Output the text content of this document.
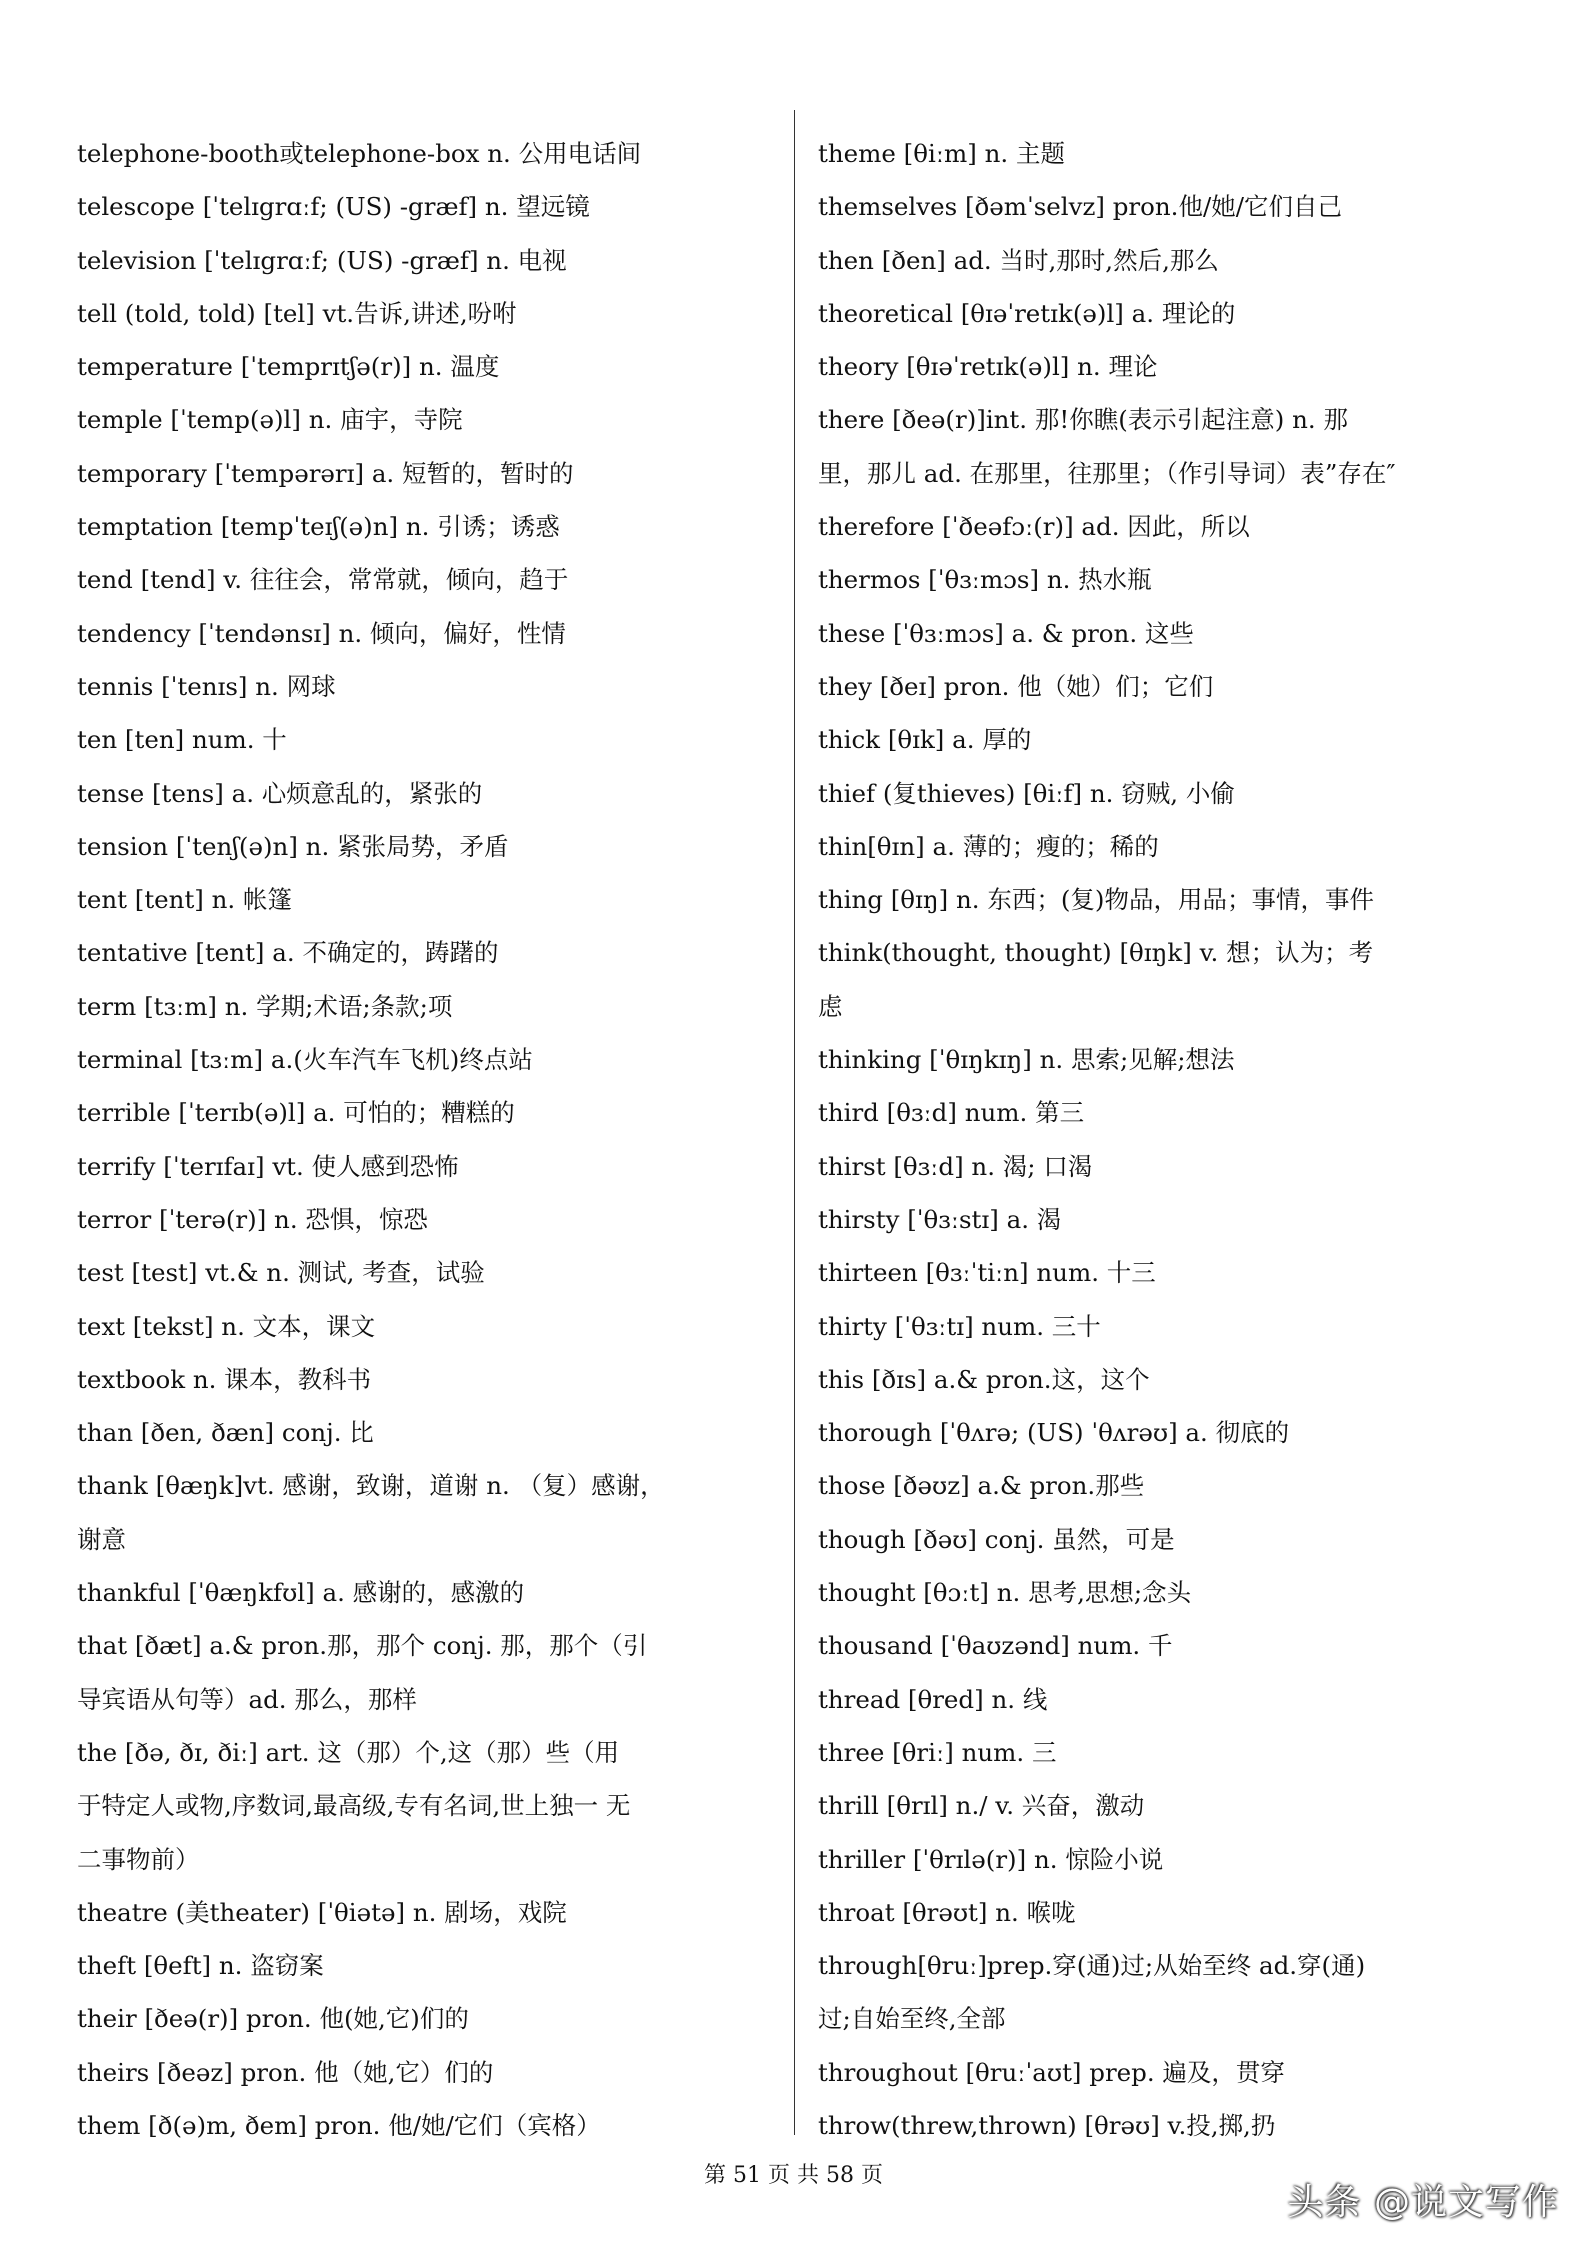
telephone-booth或telephone-box n. 公用电话间
telescope [ˈtelɪgrɑːf; (US) -græf] n. 望远镜
television [ˈtelɪgrɑːf; (US) -græf] n. 电视
tell (told, told) [tel] vt.告诉,讲述,吩咐
temperature [ˈtemprɪtʃə(r)] n. 温度
temple [ˈtemp(ə)l] n. 庙宇，寺院
temporary [ˈtempərərɪ] a. 短暂的，暂时的
temptation [tempˈteɪʃ(ə)n] n. 引诱；诱惑
tend [tend] v. 往往会，常常就，倾向，趋于
tendency [ˈtendənsɪ] n. 倾向，偏好，性情
tennis [ˈtenɪs] n. 网球
ten [ten] num. 十
tense [tens] a. 心烦意乱的，紧张的
tension [ˈtenʃ(ə)n] n. 紧张局势，矛盾
tent [tent] n. 帐篷
tentative [tent] a. 不确定的，踌躇的
term [tɜːm] n. 学期;术语;条款;项
terminal [tɜːm] a.(火车汽车飞机)终点站
terrible [ˈterɪb(ə)l] a. 可怕的；糟糕的
terrify [ˈterɪfaɪ] vt. 使人感到恐怖
terror [ˈterə(r)] n. 恐惧，惊恐
test [test] vt.& n. 测试, 考查，试验
text [tekst] n. 文本，课文
textbook n. 课本，教科书
than [ðen, ðæn] conj. 比
thank [θæŋk]vt. 感谢，致谢，道谢 n. （复）感谢，
谢意
thankful [ˈθæŋkfʊl] a. 感谢的，感激的
that [ðæt] a.& pron.那，那个 conj. 那，那个（引
导宾语从句等）ad. 那么，那样
the [ðə, ðɪ, ðiː] art. 这（那）个,这（那）些（用
于特定人或物,序数词,最高级,专有名词,世上独一 无
二事物前）
theatre (美theater) [ˈθiətə] n. 剧场，戏院
theft [θeft] n. 盗窃案
their [ðeə(r)] pron. 他(她,它)们的
theirs [ðeəz] pron. 他（她,它）们的
them [ð(ə)m, ðem] pron. 他/她/它们（宾格）
theme [θiːm] n. 主题
themselves [ðəmˈselvz] pron.他/她/它们自己
then [ðen] ad. 当时,那时,然后,那么
theoretical [θɪəˈretɪk(ə)l] a. 理论的
theory [θɪəˈretɪk(ə)l] n. 理论
there [ðeə(r)]int. 那!你瞧(表示引起注意) n. 那
里，那儿 ad. 在那里，往那里；（作引导词）表”存在″
therefore [ˈðeəfɔː(r)] ad. 因此，所以
thermos [ˈθɜːmɔs] n. 热水瓶
these [ˈθɜːmɔs] a. & pron. 这些
they [ðeɪ] pron. 他（她）们；它们
thick [θɪk] a. 厚的
thief (复thieves) [θiːf] n. 窃贼, 小偷
thin[θɪn] a. 薄的；瘦的；稀的
thing [θɪŋ] n. 东西；(复)物品，用品；事情，事件
think(thought, thought) [θɪŋk] v. 想；认为；考
虑
thinking [ˈθɪŋkɪŋ] n. 思索;见解;想法
third [θɜːd] num. 第三
thirst [θɜːd] n. 渴; 口渴
thirsty [ˈθɜːstɪ] a. 渴
thirteen [θɜːˈtiːn] num. 十三
thirty [ˈθɜːtɪ] num. 三十
this [ðɪs] a.& pron.这，这个
thorough [ˈθʌrə; (US) ˈθʌrəʊ] a. 彻底的
those [ðəʊz] a.& pron.那些
though [ðəʊ] conj. 虽然，可是
thought [θɔːt] n. 思考,思想;念头
thousand [ˈθaʊzənd] num. 千
thread [θred] n. 线
three [θriː] num. 三
thrill [θrɪl] n./ v. 兴奋，激动
thriller [ˈθrɪlə(r)] n. 惊险小说
throat [θrəʊt] n. 喉咙
through[θruː]prep.穿(通)过;从始至终 ad.穿(通)
过;自始至终,全部
throughout [θruːˈaʊt] prep. 遍及，贯穿
throw(threw,thrown) [θrəʊ] v.投,掷,扔
第 51 页 共 58 页
头条 @说文写作
